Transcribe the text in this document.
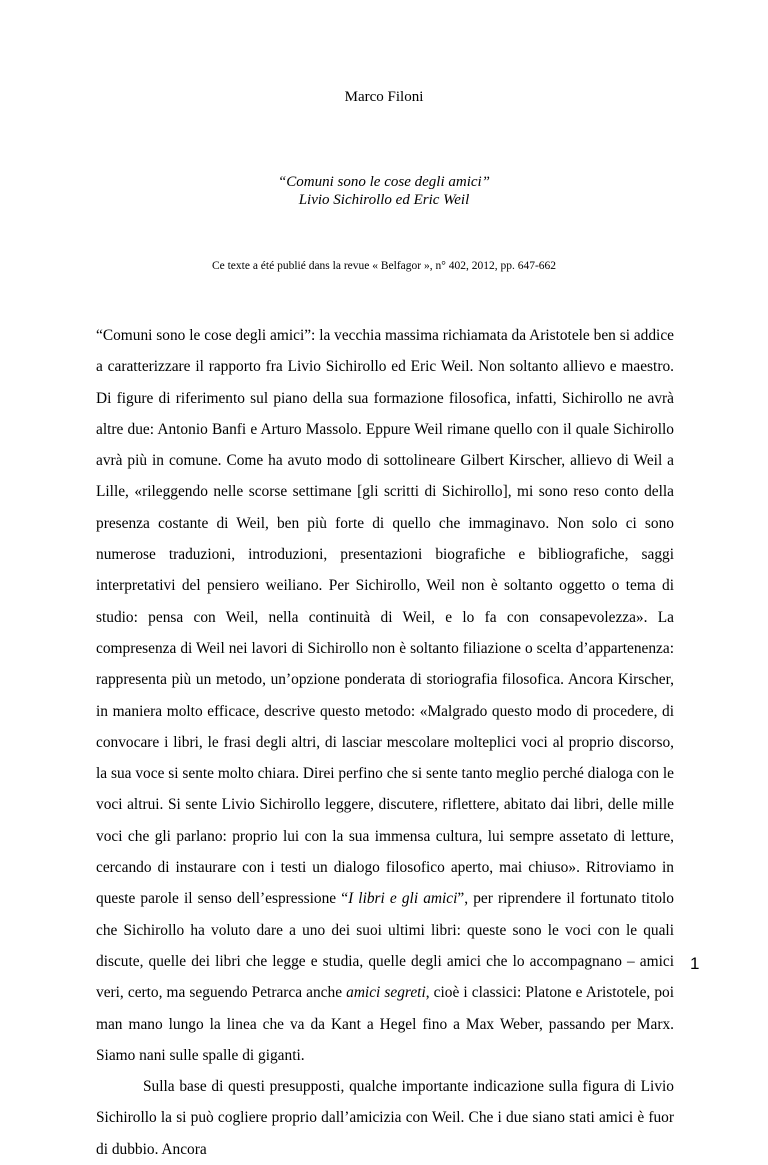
Marco Filoni
“Comuni sono le cose degli amici”
Livio Sichirollo ed Eric Weil
Ce texte a été publié dans la revue « Belfagor », n° 402, 2012, pp. 647-662

“Comuni sono le cose degli amici”: la vecchia massima richiamata da Aristotele ben si addice a caratterizzare il rapporto fra Livio Sichirollo ed Eric Weil. Non soltanto allievo e maestro. Di figure di riferimento sul piano della sua formazione filosofica, infatti, Sichirollo ne avrà altre due: Antonio Banfi e Arturo Massolo. Eppure Weil rimane quello con il quale Sichirollo avrà più in comune. Come ha avuto modo di sottolineare Gilbert Kirscher, allievo di Weil a Lille, «rileggendo nelle scorse settimane [gli scritti di Sichirollo], mi sono reso conto della presenza costante di Weil, ben più forte di quello che immaginavo. Non solo ci sono numerose traduzioni, introduzioni, presentazioni biografiche e bibliografiche, saggi interpretativi del pensiero weiliano. Per Sichirollo, Weil non è soltanto oggetto o tema di studio: pensa con Weil, nella continuità di Weil, e lo fa con consapevolezza». La compresenza di Weil nei lavori di Sichirollo non è soltanto filiazione o scelta d’appartenenza: rappresenta più un metodo, un’opzione ponderata di storiografia filosofica. Ancora Kirscher, in maniera molto efficace, descrive questo metodo: «Malgrado questo modo di procedere, di convocare i libri, le frasi degli altri, di lasciar mescolare molteplici voci al proprio discorso, la sua voce si sente molto chiara. Direi perfino che si sente tanto meglio perché dialoga con le voci altrui. Si sente Livio Sichirollo leggere, discutere, riflettere, abitato dai libri, delle mille voci che gli parlano: proprio lui con la sua immensa cultura, lui sempre assetato di letture, cercando di instaurare con i testi un dialogo filosofico aperto, mai chiuso». Ritroviamo in queste parole il senso dell’espressione “I libri e gli amici”, per riprendere il fortunato titolo che Sichirollo ha voluto dare a uno dei suoi ultimi libri: queste sono le voci con le quali discute, quelle dei libri che legge e studia, quelle degli amici che lo accompagnano – amici veri, certo, ma seguendo Petrarca anche amici segreti, cioè i classici: Platone e Aristotele, poi man mano lungo la linea che va da Kant a Hegel fino a Max Weber, passando per Marx. Siamo nani sulle spalle di giganti.

Sulla base di questi presupposti, qualche importante indicazione sulla figura di Livio Sichirollo la si può cogliere proprio dall’amicizia con Weil. Che i due siano stati amici è fuor di dubbio. Ancora

1
